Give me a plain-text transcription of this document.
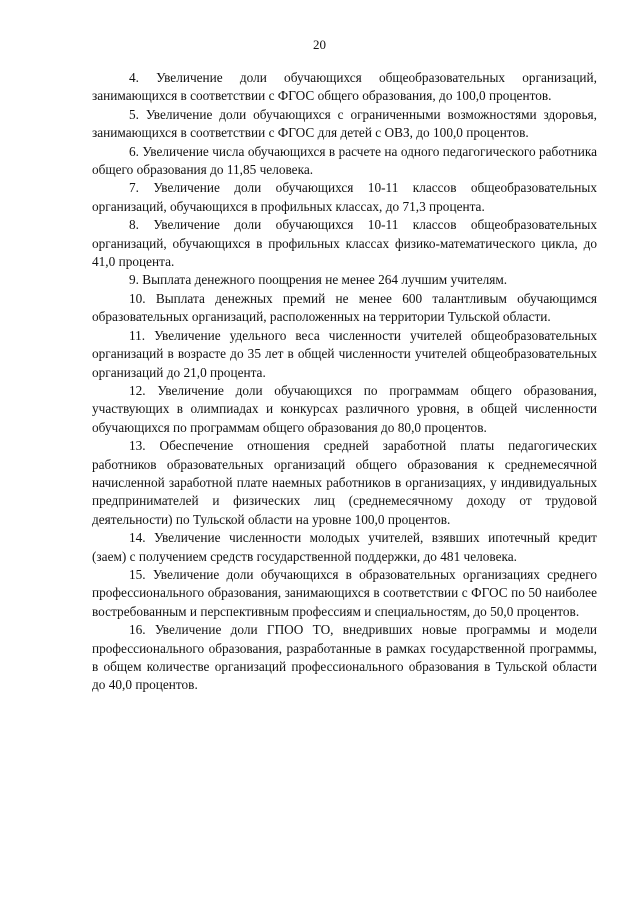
20

4. Увеличение доли обучающихся общеобразовательных организаций, занимающихся в соответствии с ФГОС общего образования, до 100,0 процентов.

5. Увеличение доли обучающихся с ограниченными возможностями здоровья, занимающихся в соответствии с ФГОС для детей с ОВЗ, до 100,0 процентов.

6. Увеличение числа обучающихся в расчете на одного педагогического работника общего образования до 11,85 человека.

7. Увеличение доли обучающихся 10-11 классов общеобразовательных организаций, обучающихся в профильных классах, до 71,3 процента.

8. Увеличение доли обучающихся 10-11 классов общеобразовательных организаций, обучающихся в профильных классах физико-математического цикла, до 41,0 процента.

9. Выплата денежного поощрения не менее 264 лучшим учителям.

10. Выплата денежных премий не менее 600 талантливым обучающимся образовательных организаций, расположенных на территории Тульской области.

11. Увеличение удельного веса численности учителей общеобразовательных организаций в возрасте до 35 лет в общей численности учителей общеобразовательных организаций до 21,0 процента.

12. Увеличение доли обучающихся по программам общего образования, участвующих в олимпиадах и конкурсах различного уровня, в общей численности обучающихся по программам общего образования до 80,0 процентов.

13. Обеспечение отношения средней заработной платы педагогических работников образовательных организаций общего образования к среднемесячной начисленной заработной плате наемных работников в организациях, у индивидуальных предпринимателей и физических лиц (среднемесячному доходу от трудовой деятельности) по Тульской области на уровне 100,0 процентов.

14. Увеличение численности молодых учителей, взявших ипотечный кредит (заем) с получением средств государственной поддержки, до 481 человека.

15. Увеличение доли обучающихся в образовательных организациях среднего профессионального образования, занимающихся в соответствии с ФГОС по 50 наиболее востребованным и перспективным профессиям и специальностям, до 50,0 процентов.

16. Увеличение доли ГПОО ТО, внедривших новые программы и модели профессионального образования, разработанные в рамках государственной программы, в общем количестве организаций профессионального образования в Тульской области до 40,0 процентов.
